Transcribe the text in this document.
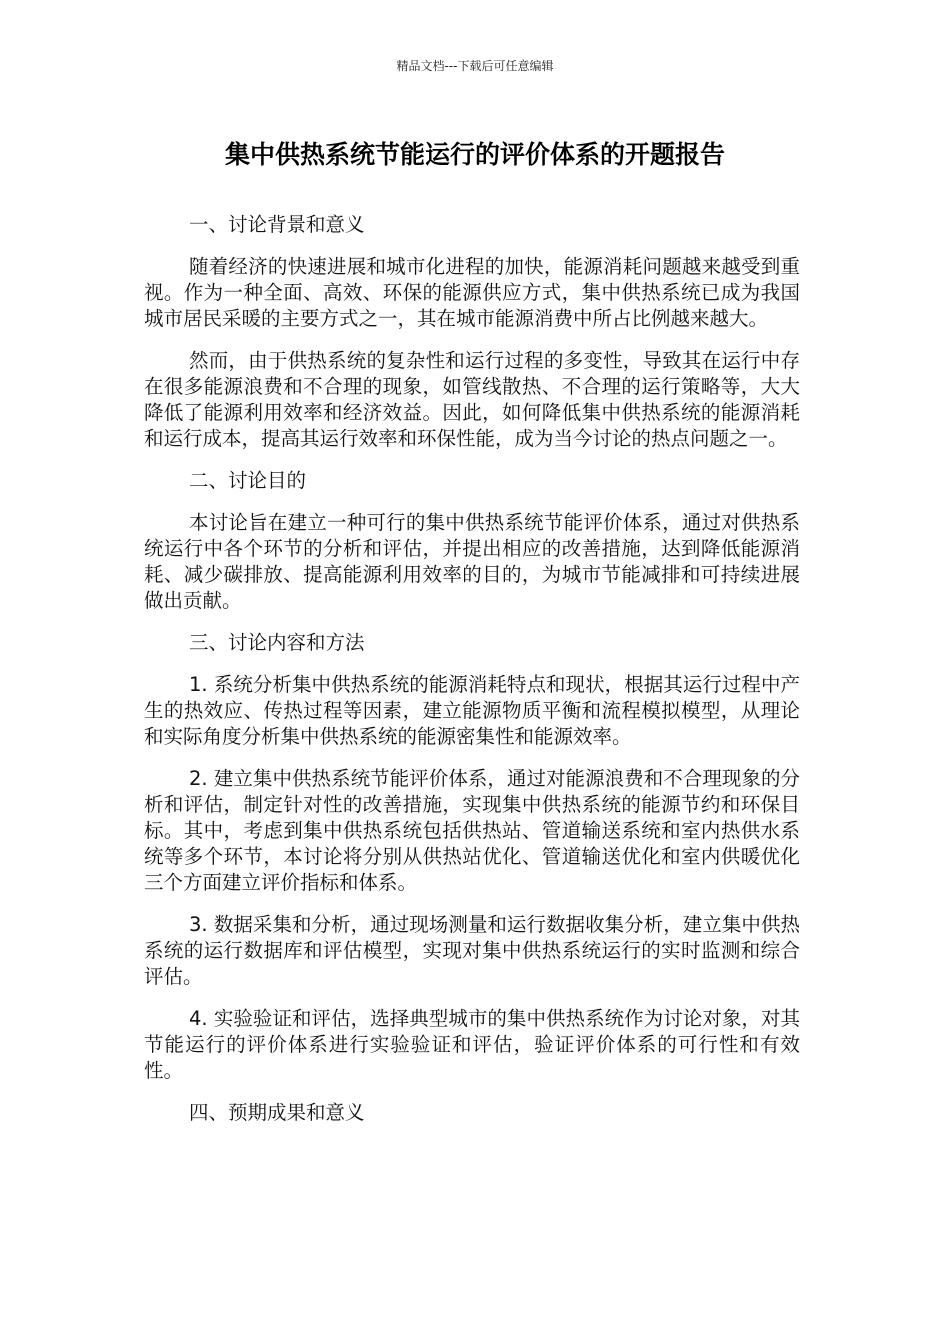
精品文档---下载后可任意编辑
集中供热系统节能运行的评价体系的开题报告

一、讨论背景和意义

随着经济的快速进展和城市化进程的加快，能源消耗问题越来越受到重视。作为一种全面、高效、环保的能源供应方式，集中供热系统已成为我国城市居民采暖的主要方式之一，其在城市能源消费中所占比例越来越大。

然而，由于供热系统的复杂性和运行过程的多变性，导致其在运行中存在很多能源浪费和不合理的现象，如管线散热、不合理的运行策略等，大大降低了能源利用效率和经济效益。因此，如何降低集中供热系统的能源消耗和运行成本，提高其运行效率和环保性能，成为当今讨论的热点问题之一。

二、讨论目的

本讨论旨在建立一种可行的集中供热系统节能评价体系，通过对供热系统运行中各个环节的分析和评估，并提出相应的改善措施，达到降低能源消耗、减少碳排放、提高能源利用效率的目的，为城市节能减排和可持续进展做出贡献。

三、讨论内容和方法

1. 系统分析集中供热系统的能源消耗特点和现状，根据其运行过程中产生的热效应、传热过程等因素，建立能源物质平衡和流程模拟模型，从理论和实际角度分析集中供热系统的能源密集性和能源效率。

2. 建立集中供热系统节能评价体系，通过对能源浪费和不合理现象的分析和评估，制定针对性的改善措施，实现集中供热系统的能源节约和环保目标。其中，考虑到集中供热系统包括供热站、管道输送系统和室内热供水系统等多个环节，本讨论将分别从供热站优化、管道输送优化和室内供暖优化三个方面建立评价指标和体系。

3. 数据采集和分析，通过现场测量和运行数据收集分析，建立集中供热系统的运行数据库和评估模型，实现对集中供热系统运行的实时监测和综合评估。

4. 实验验证和评估，选择典型城市的集中供热系统作为讨论对象，对其节能运行的评价体系进行实验验证和评估，验证评价体系的可行性和有效性。

四、预期成果和意义
